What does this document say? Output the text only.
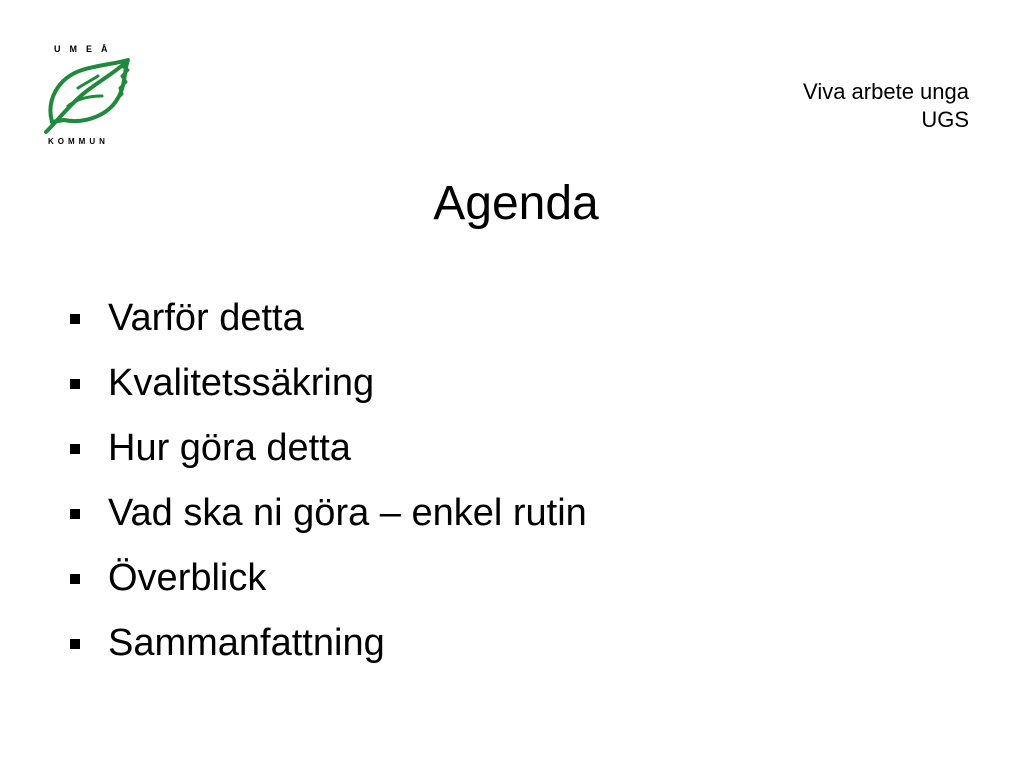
UMEÅ
KOMMUN
Viva arbete unga
UGS
Agenda
Varför detta
Kvalitetssäkring
Hur göra detta
Vad ska ni göra – enkel rutin
Överblick
Sammanfattning
